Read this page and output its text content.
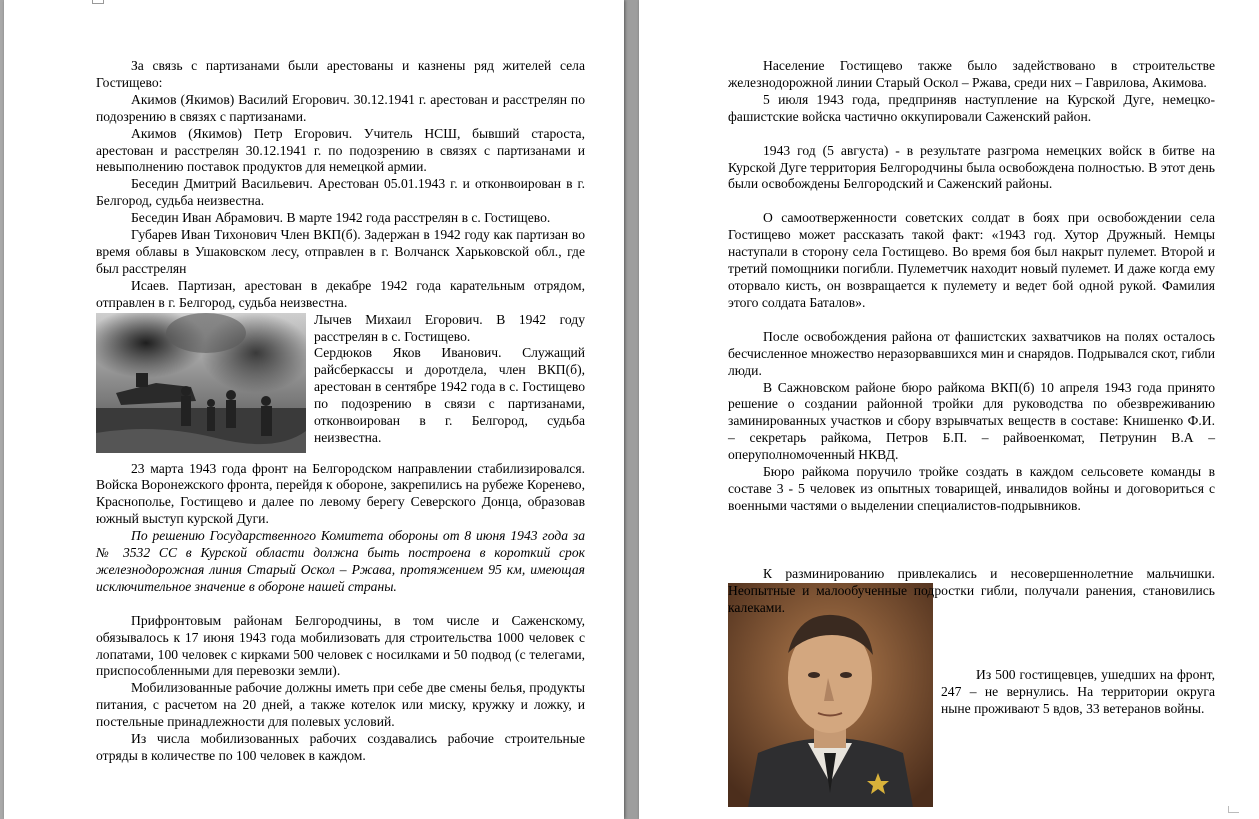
За связь с партизанами были арестованы и казнены ряд жителей села Гостищево:

Акимов (Якимов) Василий Егорович. 30.12.1941 г. арестован и расстрелян по подозрению в связях с партизанами.

Акимов (Якимов) Петр Егорович. Учитель НСШ, бывший староста, арестован и расстрелян 30.12.1941 г. по подозрению в связях с партизанами и невыполнению поставок продуктов для немецкой армии.

Беседин Дмитрий Васильевич. Арестован 05.01.1943 г. и отконвоирован в г. Белгород, судьба неизвестна.

Беседин Иван Абрамович. В марте 1942 года расстрелян в с. Гостищево.

Губарев Иван Тихонович Член ВКП(б). Задержан в 1942 году как партизан во время облавы в Ушаковском лесу, отправлен в г. Волчанск Харьковской обл., где был расстрелян

Исаев. Партизан, арестован в декабре 1942 года карательным отрядом, отправлен в г. Белгород, судьба неизвестна.

Лычев Михаил Егорович. В 1942 году расстрелян в с. Гостищево.

Сердюков Яков Иванович. Служащий райсберкассы и доротдела, член ВКП(б), арестован в сентябре 1942 года в с. Гостищево по подозрению в связи с партизанами, отконвоирован в г. Белгород, судьба неизвестна.

23 марта 1943 года фронт на Белгородском направлении стабилизировался. Войска Воронежского фронта, перейдя к обороне, закрепились на рубеже Кореневo, Краснополье, Гостищево и далее по левому берегу Северского Донца, образовав южный выступ курской Дуги.

По решению Государственного Комитета обороны от 8 июня 1943 года за № 3532 СС в Курской области должна быть построена в короткий срок железнодорожная линия Старый Оскол – Ржава, протяжением 95 км, имеющая исключительное значение в обороне нашей страны.

Прифронтовым районам Белгородчины, в том числе и Саженскому, обязывалось к 17 июня 1943 года мобилизовать для строительства 1000 человек с лопатами, 100 человек с кирками 500 человек с носилками и 50 подвод (с телегами, приспособленными для перевозки земли).

Мобилизованные рабочие должны иметь при себе две смены белья, продукты питания, с расчетом на 20 дней, а также котелок или миску, кружку и ложку, и постельные принадлежности для полевых условий.

Из числа мобилизованных рабочих создавались рабочие строительные отряды в количестве по 100 человек в каждом.

Население Гостищево также было задействовано в строительстве железнодорожной линии Старый Оскол – Ржава, среди них – Гаврилова, Акимова.

5 июля 1943 года, предприняв наступление на Курской Дуге, немецко-фашистские войска частично оккупировали Саженский район.

1943 год (5 августа) - в результате разгрома немецких войск в битве на Курской Дуге территория Белгородчины была освобождена полностью. В этот день были освобождены Белгородский и Саженский районы.

О самоотверженности советских солдат в боях при освобождении села Гостищево может рассказать такой факт: «1943 год. Хутор Дружный. Немцы наступали в сторону села Гостищево. Во время боя был накрыт пулемет. Второй и третий помощники погибли. Пулеметчик находит новый пулемет. И даже когда ему оторвало кисть, он возвращается к пулемету и ведет бой одной рукой. Фамилия этого солдата Баталов».

После освобождения района от фашистских захватчиков на полях осталось бесчисленное множество неразорвавшихся мин и снарядов. Подрывался скот, гибли люди.

В Сажновском районе бюро райкома ВКП(б) 10 апреля 1943 года принято решение о создании районной тройки для руководства по обезвреживанию заминированных участков и сбору взрывчатых веществ в составе: Книшенко Ф.И. – секретарь райкома, Петров Б.П. – райвоенкомат, Петрунин В.А – оперуполномоченный НКВД.

Бюро райкома поручило тройке создать в каждом сельсовете команды в составе 3 - 5 человек из опытных товарищей, инвалидов войны и договориться с военными частями о выделении специалистов-подрывников.

К разминированию привлекались и несовершеннолетние мальчишки. Неопытные и малообученные подростки гибли, получали ранения, становились калеками.

Из 500 гостищевцев, ушедших на фронт, 247 – не вернулись. На территории округа ныне проживают 5 вдов, 33 ветеранов войны.
